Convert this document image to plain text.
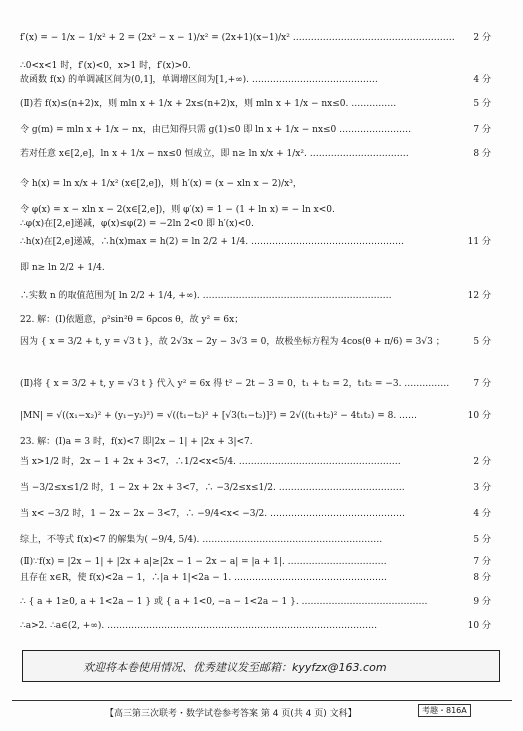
f′(x) = − 1/x − 1/x² + 2 = (2x² − x − 1)/x² = (2x+1)(x−1)/x² ………………………………………………	2 分
∴0<x<1 时，f′(x)<0，x>1 时，f′(x)>0.
故函数 f(x) 的单调减区间为(0,1]，单调增区间为[1,+∞). ……………………………………	4 分
(Ⅱ)若 f(x)≤(n+2)x，则 mln x + 1/x + 2x≤(n+2)x，则 mln x + 1/x − nx≤0. ……………	5 分
令 g(m) = mln x + 1/x − nx，由已知得只需 g(1)≤0 即 ln x + 1/x − nx≤0 ……………………	7 分
若对任意 x∈[2,e]，ln x + 1/x − nx≤0 恒成立，即 n≥ ln x/x + 1/x². ……………………………	8 分
令 h(x) = ln x/x + 1/x² (x∈[2,e])，则 h′(x) = (x − xln x − 2)/x³，
令 φ(x) = x − xln x − 2(x∈[2,e])，则 φ′(x) = 1 − (1 + ln x) = − ln x<0.
∴φ(x)在[2,e]递减，φ(x)≤φ(2) = −2ln 2<0 即 h′(x)<0.
∴h(x)在[2,e]递减，∴h(x)max = h(2) = ln 2/2 + 1/4. ……………………………………………	11 分
即 n≥ ln 2/2 + 1/4.
∴实数 n 的取值范围为[ ln 2/2 + 1/4, +∞). ………………………………………………………	12 分
22. 解：(Ⅰ)依题意，ρ²sin²θ = 6ρcos θ，故 y² = 6x；
因为 { x = 3/2 + t, y = √3 t }，故 2√3x − 2y − 3√3 = 0，故极坐标方程为 4cos(θ + π/6) = 3√3 ；	5 分
(Ⅱ)将 { x = 3/2 + t, y = √3 t } 代入 y² = 6x 得 t² − 2t − 3 = 0，t₁ + t₂ = 2，t₁t₂ = −3. ……………	7 分
|MN| = √((x₁−x₂)² + (y₁−y₂)²) = √((t₁−t₂)² + [√3(t₁−t₂)]²) = 2√((t₁+t₂)² − 4t₁t₂) = 8. ……	10 分
23. 解：(Ⅰ)a = 3 时，f(x)<7 即|2x − 1| + |2x + 3|<7.
当 x>1/2 时，2x − 1 + 2x + 3<7，∴1/2<x<5/4. ………………………………………………	2 分
当 −3/2≤x≤1/2 时，1 − 2x + 2x + 3<7，∴ −3/2≤x≤1/2. ……………………………………	3 分
当 x< −3/2 时，1 − 2x − 2x − 3<7，∴ −9/4<x< −3/2. ………………………………………	4 分
综上，不等式 f(x)<7 的解集为( −9/4, 5/4). ……………………………………………………	5 分
(Ⅱ)∵f(x) = |2x − 1| + |2x + a|≥|2x − 1 − 2x − a| = |a + 1|. ……………………………	7 分
且存在 x∈R，使 f(x)<2a − 1，∴|a + 1|<2a − 1. ……………………………………………	8 分
∴ { a + 1≥0, a + 1<2a − 1 } 或 { a + 1<0, −a − 1<2a − 1 }. ……………………………………	9 分
∴a>2. ∴a∈(2, +∞). ………………………………………………………………………………	10 分
欢迎将本卷使用情况、优秀建议发至邮箱：kyyfzx@163.com
【高三第三次联考・数学试卷参考答案 第 4 页(共 4 页) 文科】	考趣・816A
